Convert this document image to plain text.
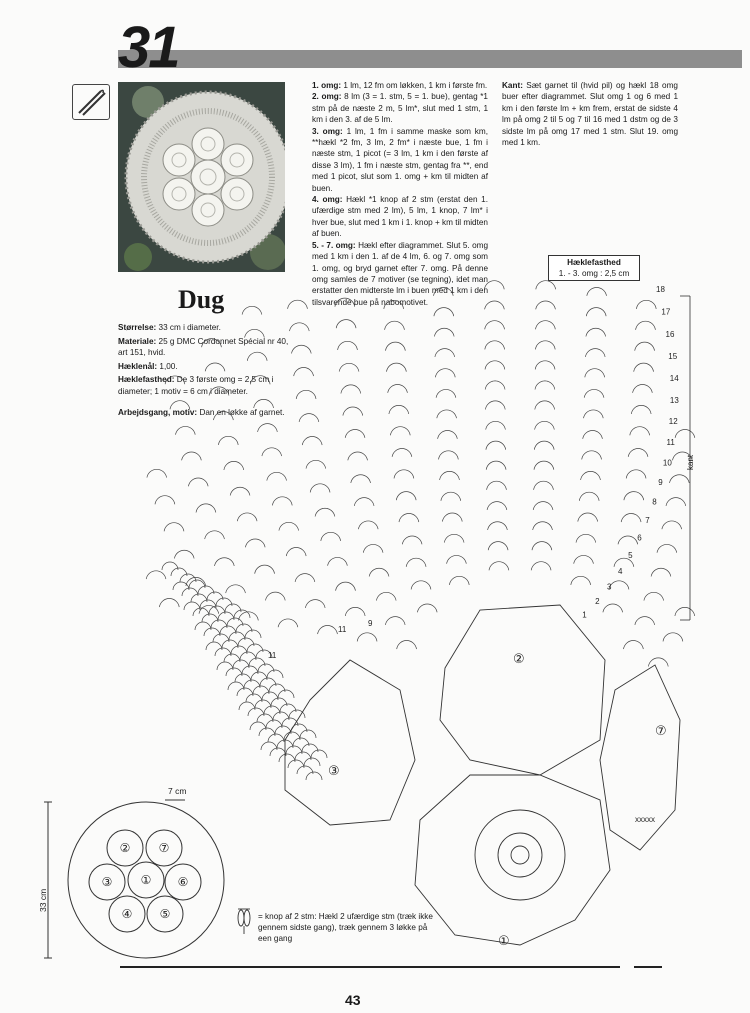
31
Dug

Størrelse: 33 cm i diameter.

Materiale: 25 g DMC Cordonnet Spécial nr 40, art 151, hvid.

Hæklenål: 1,00.

Hæklefasthed: De 3 første omg = 2,5 cm i diameter; 1 motiv = 6 cm i diameter.

Arbejdsgang, motiv: Dan en løkke af garnet.

1. omg: 1 lm, 12 fm om løkken, 1 km i første fm.

2. omg: 8 lm (3 = 1. stm, 5 = 1. bue), gentag *1 stm på de næste 2 m, 5 lm*, slut med 1 stm, 1 km i den 3. af de 5 lm.

3. omg: 1 lm, 1 fm i samme maske som km, **hækl *2 fm, 3 lm, 2 fm* i næste bue, 1 fm i næste stm, 1 picot (= 3 lm, 1 km i den første af disse 3 lm), 1 fm i næste stm, gentag fra **, end med 1 picot, slut som 1. omg + km til midten af buen.

4. omg: Hækl *1 knop af 2 stm (erstat den 1. ufærdige stm med 2 lm), 5 lm, 1 knop, 7 lm* i hver bue, slut med 1 km i 1. knop + km til midten af buen.

5. - 7. omg: Hækl efter diagrammet. Slut 5. omg med 1 km i den 1. af de 4 lm, 6. og 7. omg som 1. omg, og bryd garnet efter 7. omg. På denne omg samles de 7 motiver (se tegning), idet man erstatter den midterste lm i buen med 1 km i den tilsvarende bue på nabomotivet.

Kant: Sæt garnet til (hvid pil) og hækl 18 omg buer efter diagrammet. Slut omg 1 og 6 med 1 km i den første lm + km frem, erstat de sidste 4 lm på omg 2 til 5 og 7 til 16 med 1 dstm og de 3 sidste lm på omg 17 med 1 stm. Slut 19. omg med 1 km.

Hæklefasthed
1. - 3. omg : 2,5 cm
1
2
3
4
5
6
7
8
9
10
11
12
13
14
15
16
17
18
②
③
⑦
①
11
11
9
xxxxx
①
②
③
④ ⑤
⑥
⑦
kant
7 cm
33 cm
= knop af 2 stm: Hækl 2 ufærdige stm (træk ikke gennem sidste gang), træk gennem 3 løkke på een gang
43
